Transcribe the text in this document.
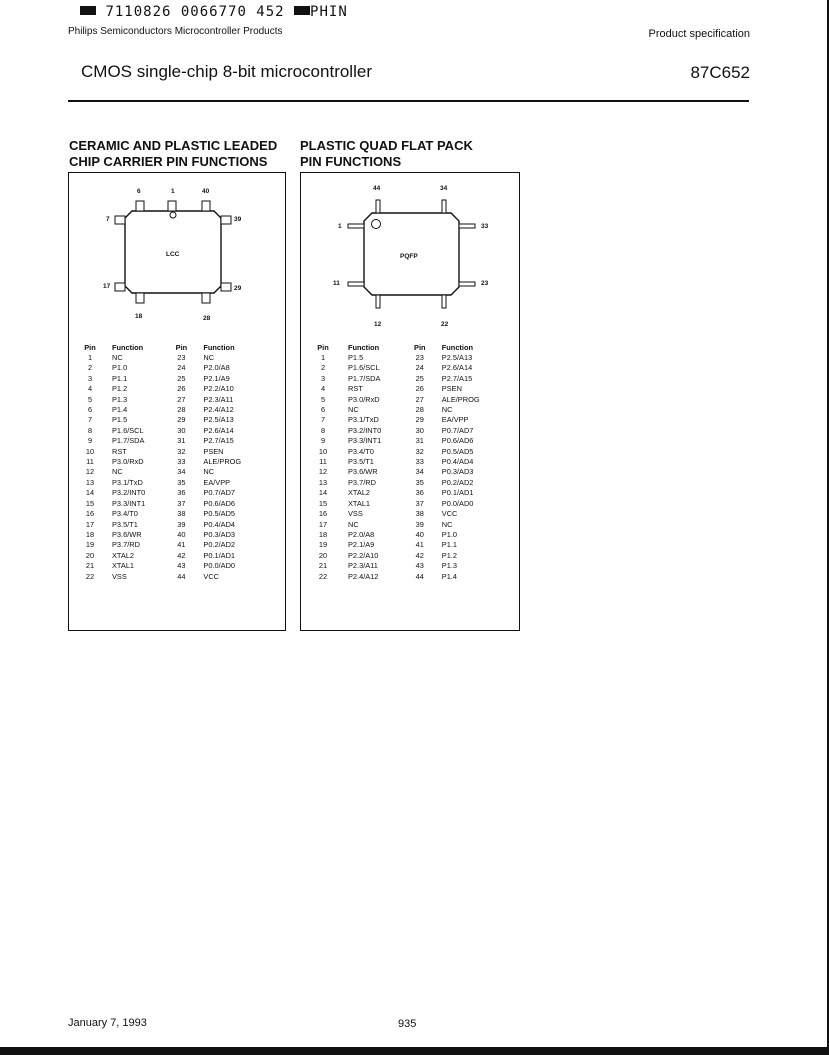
7110826 0066770 452 PHIN
Philips Semiconductors Microcontroller Products	Product specification
CMOS single-chip 8-bit microcontroller	87C652
CERAMIC AND PLASTIC LEADED
CHIP CARRIER PIN FUNCTIONS
6	1	40
7	39
17	29
18	28
LCC
Pin	Function	Pin	Function
1	NC	23	NC
2	P1.0	24	P2.0/A8
3	P1.1	25	P2.1/A9
4	P1.2	26	P2.2/A10
5	P1.3	27	P2.3/A11
6	P1.4	28	P2.4/A12
7	P1.5	29	P2.5/A13
8	P1.6/SCL	30	P2.6/A14
9	P1.7/SDA	31	P2.7/A15
10	RST	32	PSEN
11	P3.0/RxD	33	ALE/PROG
12	NC	34	NC
13	P3.1/TxD	35	EA/VPP
14	P3.2/INT0	36	P0.7/AD7
15	P3.3/INT1	37	P0.6/AD6
16	P3.4/T0	38	P0.5/AD5
17	P3.5/T1	39	P0.4/AD4
18	P3.6/WR	40	P0.3/AD3
19	P3.7/RD	41	P0.2/AD2
20	XTAL2	42	P0.1/AD1
21	XTAL1	43	P0.0/AD0
22	VSS	44	VCC
PLASTIC QUAD FLAT PACK
PIN FUNCTIONS
44	34
1	33
11	23
12	22
PQFP
Pin	Function	Pin	Function
1	P1.5	23	P2.5/A13
2	P1.6/SCL	24	P2.6/A14
3	P1.7/SDA	25	P2.7/A15
4	RST	26	PSEN
5	P3.0/RxD	27	ALE/PROG
6	NC	28	NC
7	P3.1/TxD	29	EA/VPP
8	P3.2/INT0	30	P0.7/AD7
9	P3.3/INT1	31	P0.6/AD6
10	P3.4/T0	32	P0.5/AD5
11	P3.5/T1	33	P0.4/AD4
12	P3.6/WR	34	P0.3/AD3
13	P3.7/RD	35	P0.2/AD2
14	XTAL2	36	P0.1/AD1
15	XTAL1	37	P0.0/AD0
16	VSS	38	VCC
17	NC	39	NC
18	P2.0/A8	40	P1.0
19	P2.1/A9	41	P1.1
20	P2.2/A10	42	P1.2
21	P2.3/A11	43	P1.3
22	P2.4/A12	44	P1.4
January 7, 1993	935
